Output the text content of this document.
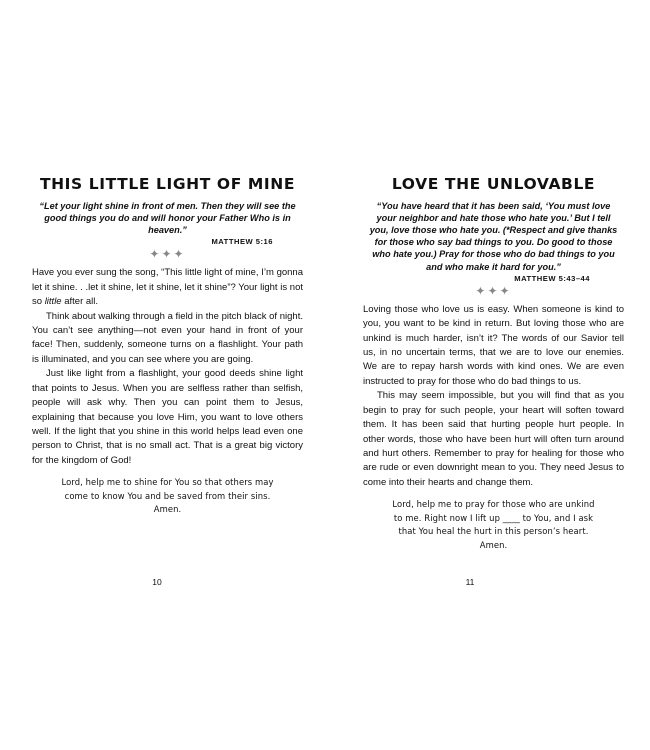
THIS LITTLE LIGHT OF MINE
“Let your light shine in front of men. Then they will see the good things you do and will honor your Father Who is in heaven.”
MATTHEW 5:16
✦✦✦

Have you ever sung the song, “This little light of mine, I’m gonna let it shine. . .let it shine, let it shine, let it shine”? Your light is not so little after all.

Think about walking through a field in the pitch black of night. You can’t see anything—not even your hand in front of your face! Then, suddenly, someone turns on a flashlight. Your path is illuminated, and you can see where you are going.

Just like light from a flashlight, your good deeds shine light that points to Jesus. When you are selfless rather than selfish, people will ask why. Then you can point them to Jesus, explaining that because you love Him, you want to love others well. If the light that you shine in this world helps lead even one person to Christ, that is no small act. That is a great big victory for the kingdom of God!

Lord, help me to shine for You so that others may come to know You and be saved from their sins. Amen.
10
LOVE THE UNLOVABLE
“You have heard that it has been said, ‘You must love your neighbor and hate those who hate you.’ But I tell you, love those who hate you. (*Respect and give thanks for those who say bad things to you. Do good to those who hate you.) Pray for those who do bad things to you and who make it hard for you.”
MATTHEW 5:43–44
✦✦✦

Loving those who love us is easy. When someone is kind to you, you want to be kind in return. But loving those who are unkind is much harder, isn’t it? The words of our Savior tell us, in no uncertain terms, that we are to love our enemies. We are to repay harsh words with kind ones. We are even instructed to pray for those who do bad things to us.

This may seem impossible, but you will find that as you begin to pray for such people, your heart will soften toward them. It has been said that hurting people hurt people. In other words, those who have been hurt will often turn around and hurt others. Remember to pray for healing for those who are rude or even downright mean to you. They need Jesus to come into their hearts and change them.

Lord, help me to pray for those who are unkind to me. Right now I lift up ____ to You, and I ask that You heal the hurt in this person’s heart. Amen.
11
